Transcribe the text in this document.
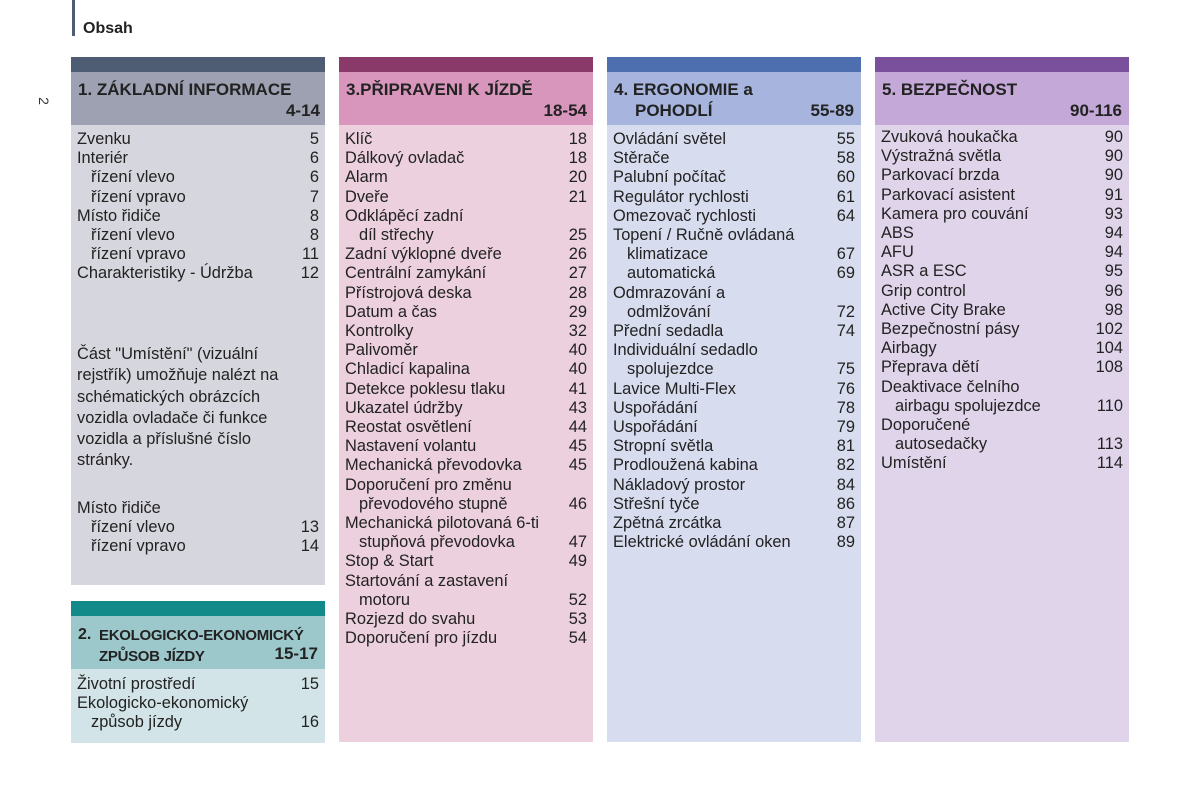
Obsah
2
1. ZÁKLADNÍ INFORMACE
4-14
Část "Umístění" (vizuální
rejstřík) umožňuje nalézt na
schématických obrázcích
vozidla ovladače či funkce
vozidla a příslušné číslo
stránky.
Zvenku	5
Interiér	6
řízení vlevo	6
řízení vpravo	7
Místo řidiče	8
řízení vlevo	8
řízení vpravo	11
Charakteristiky - Údržba	12
Místo řidiče
řízení vlevo	13
řízení vpravo	14
2. EKOLOGICKO-EKONOMICKÝ
ZPŮSOB JÍZDY	15-17
Životní prostředí	15
Ekologicko-ekonomický
způsob jízdy	16
3.PŘIPRAVENI K JÍZDĚ
18-54
Klíč	18
Dálkový ovladač	18
Alarm	20
Dveře	21
Odklápěcí zadní
díl střechy	25
Zadní výklopné dveře	26
Centrální zamykání	27
Přístrojová deska	28
Datum a čas	29
Kontrolky	32
Palivoměr	40
Chladicí kapalina	40
Detekce poklesu tlaku	41
Ukazatel údržby	43
Reostat osvětlení	44
Nastavení volantu	45
Mechanická převodovka	45
Doporučení pro změnu
převodového stupně	46
Mechanická pilotovaná 6-ti
stupňová převodovka	47
Stop & Start	49
Startování a zastavení
motoru	52
Rozjezd do svahu	53
Doporučení pro jízdu	54
4. ERGONOMIE a
POHODLÍ	55-89
Ovládání světel	55
Stěrače	58
Palubní počítač	60
Regulátor rychlosti	61
Omezovač rychlosti	64
Topení / Ručně ovládaná
klimatizace	67
automatická	69
Odmrazování a
odmlžování	72
Přední sedadla	74
Individuální sedadlo
spolujezdce	75
Lavice Multi-Flex	76
Uspořádání	78
Uspořádání	79
Stropní světla	81
Prodloužená kabina	82
Nákladový prostor	84
Střešní tyče	86
Zpětná zrcátka	87
Elektrické ovládání oken	89
5. BEZPEČNOST
90-116
Zvuková houkačka	90
Výstražná světla	90
Parkovací brzda	90
Parkovací asistent	91
Kamera pro couvání	93
ABS	94
AFU	94
ASR a ESC	95
Grip control	96
Active City Brake	98
Bezpečnostní pásy	102
Airbagy	104
Přeprava dětí	108
Deaktivace čelního
airbagu spolujezdce	110
Doporučené
autosedačky	113
Umístění	114
